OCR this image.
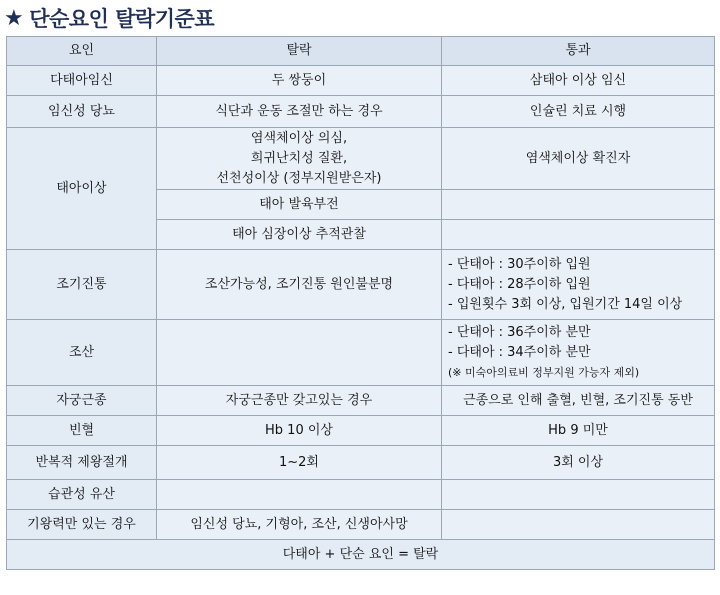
★ 단순요인 탈락기준표
요인	탈락	통과
다태아임신	두 쌍둥이	삼태아 이상 임신
임신성 당뇨	식단과 운동 조절만 하는 경우	인슐린 치료 시행
태아이상	염색체이상 의심,
희귀난치성 질환,
선천성이상 (정부지원받은자)	염색체이상 확진자
	태아 발육부전	
	태아 심장이상 추적관찰	
조기진통	조산가능성, 조기진통 원인불분명	- 단태아 : 30주이하 입원
- 다태아 : 28주이하 입원
- 입원횟수 3회 이상, 입원기간 14일 이상

조산		- 단태아 : 36주이하 분만
- 다태아 : 34주이하 분만
(※ 미숙아의료비 정부지원 가능자 제외)

자궁근종	자궁근종만 갖고있는 경우	근종으로 인해 출혈, 빈혈, 조기진통 동반
빈혈	Hb 10 이상	Hb 9 미만
반복적 제왕절개	1~2회	3회 이상
습관성 유산		
기왕력만 있는 경우	임신성 당뇨, 기형아, 조산, 신생아사망	
다태아 + 단순 요인 = 탈락		
